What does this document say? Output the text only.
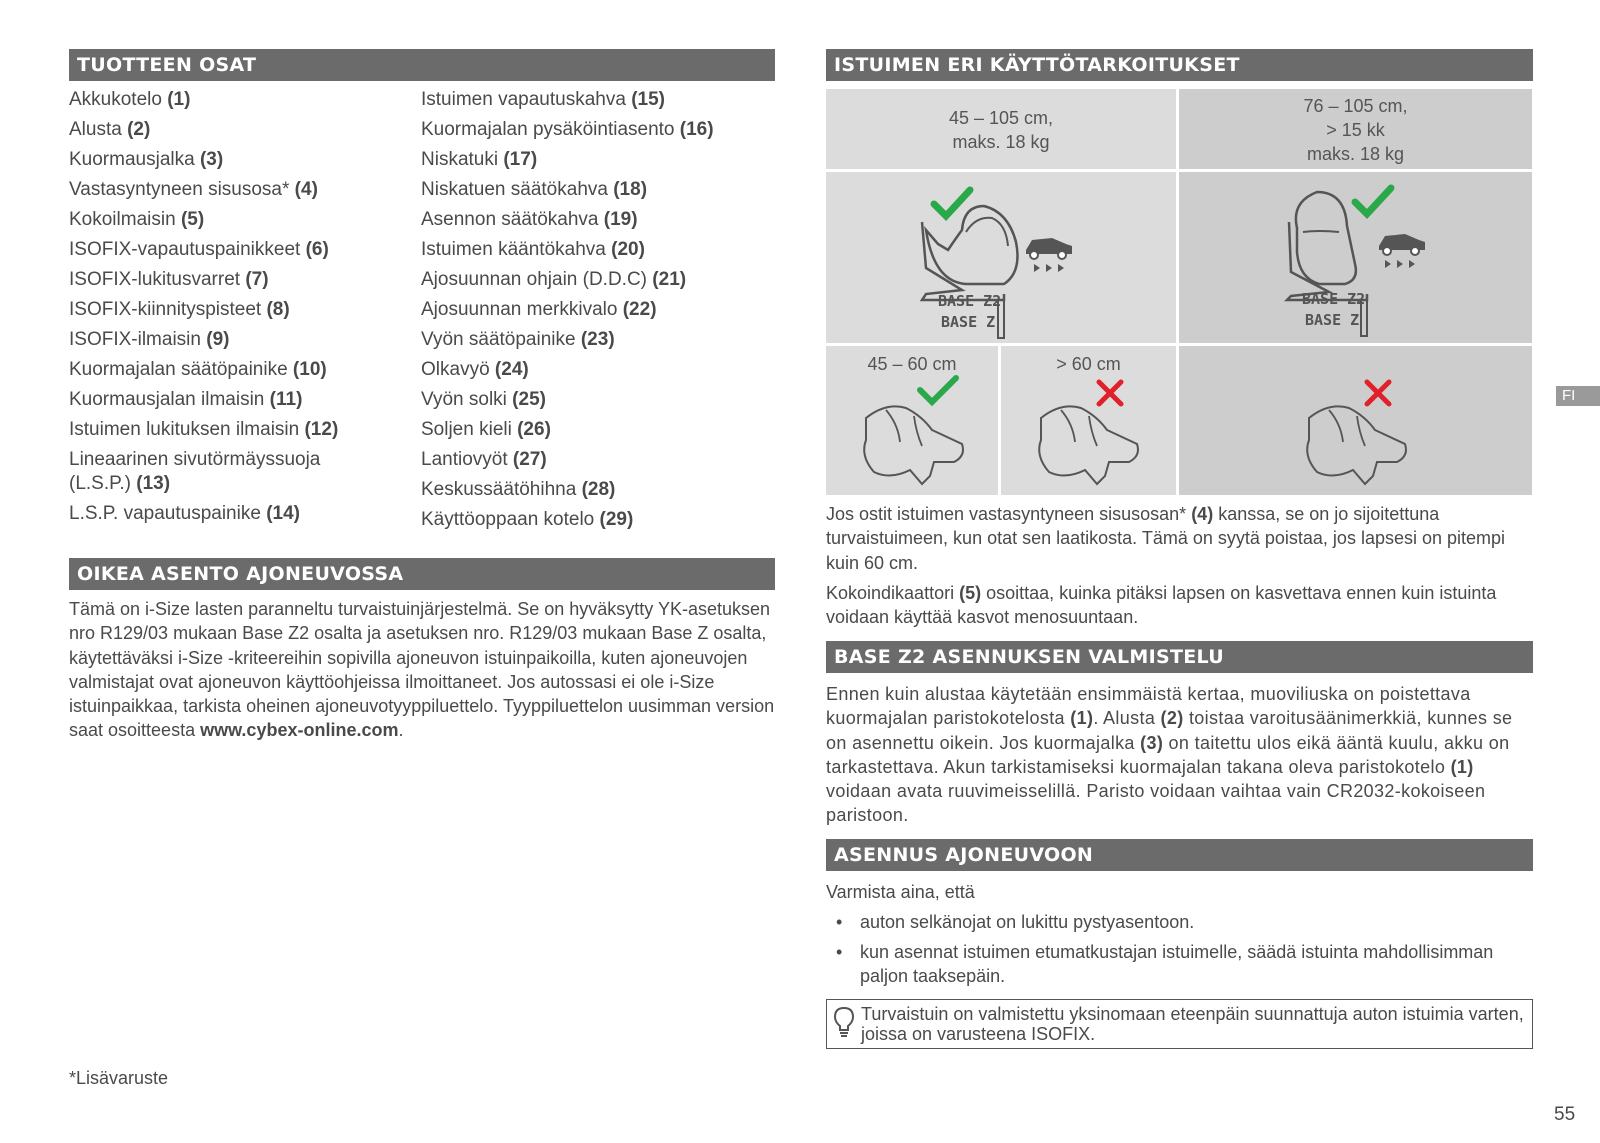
TUOTTEEN OSAT
Akkukotelo (1)
Alusta (2)
Kuormausjalka (3)
Vastasyntyneen sisusosa* (4)
Kokoilmaisin (5)
ISOFIX-vapautuspainikkeet (6)
ISOFIX-lukitusvarret (7)
ISOFIX-kiinnityspisteet (8)
ISOFIX-ilmaisin (9)
Kuormajalan säätöpainike (10)
Kuormausjalan ilmaisin (11)
Istuimen lukituksen ilmaisin (12)
Lineaarinen sivutörmäyssuoja
(L.S.P.) (13)
L.S.P. vapautuspainike (14)
Istuimen vapautuskahva (15)
Kuormajalan pysäköintiasento (16)
Niskatuki (17)
Niskatuen säätökahva (18)
Asennon säätökahva (19)
Istuimen kääntökahva (20)
Ajosuunnan ohjain (D.D.C) (21)
Ajosuunnan merkkivalo (22)
Vyön säätöpainike (23)
Olkavyö (24)
Vyön solki (25)
Soljen kieli (26)
Lantiovyöt (27)
Keskussäätöhihna (28)
Käyttöoppaan kotelo (29)
OIKEA ASENTO AJONEUVOSSA

Tämä on i-Size lasten paranneltu turvaistuinjärjestelmä. Se on hyväksytty YK-asetuksen nro R129/03 mukaan Base Z2 osalta ja asetuksen nro. R129/03 mukaan Base Z osalta, käytettäväksi i-Size -kriteereihin sopivilla ajoneuvon istuinpaikoilla, kuten ajoneuvojen valmistajat ovat ajoneuvon käyttöohjeissa ilmoittaneet. Jos autossasi ei ole i-Size istuinpaikkaa, tarkista oheinen ajoneuvotyyppiluettelo. Tyyppiluettelon uusimman version saat osoitteesta www.cybex-online.com.

*Lisävaruste
ISTUIMEN ERI KÄYTTÖTARKOITUKSET
45 – 105 cm,
maks. 18 kg
76 – 105 cm,
> 15 kk
maks. 18 kg
BASE Z2
BASE Z
BASE Z2
BASE Z
45 – 60 cm	> 60 cm

Jos ostit istuimen vastasyntyneen sisusosan* (4) kanssa, se on jo sijoitettuna turvaistuimeen, kun otat sen laatikosta. Tämä on syytä poistaa, jos lapsesi on pitempi kuin 60 cm.

Kokoindikaattori (5) osoittaa, kuinka pitäksi lapsen on kasvettava ennen kuin istuinta voidaan käyttää kasvot menosuuntaan.

BASE Z2 ASENNUKSEN VALMISTELU

Ennen kuin alustaa käytetään ensimmäistä kertaa, muoviliuska on poistettava kuormajalan paristokotelosta (1). Alusta (2) toistaa varoitusäänimerkkiä, kunnes se on asennettu oikein. Jos kuormajalka (3) on taitettu ulos eikä ääntä kuulu, akku on tarkastettava. Akun tarkistamiseksi kuormajalan takana oleva paristokotelo (1) voidaan avata ruuvimeisselillä. Paristo voidaan vaihtaa vain CR2032-kokoiseen paristoon.

ASENNUS AJONEUVOON

Varmista aina, että

• auton selkänojat on lukittu pystyasentoon.
• kun asennat istuimen etumatkustajan istuimelle, säädä istuinta mahdollisimman paljon taaksepäin.
Turvaistuin on valmistettu yksinomaan eteenpäin suunnattuja auton istuimia varten, joissa on varusteena ISOFIX.
FI
55
